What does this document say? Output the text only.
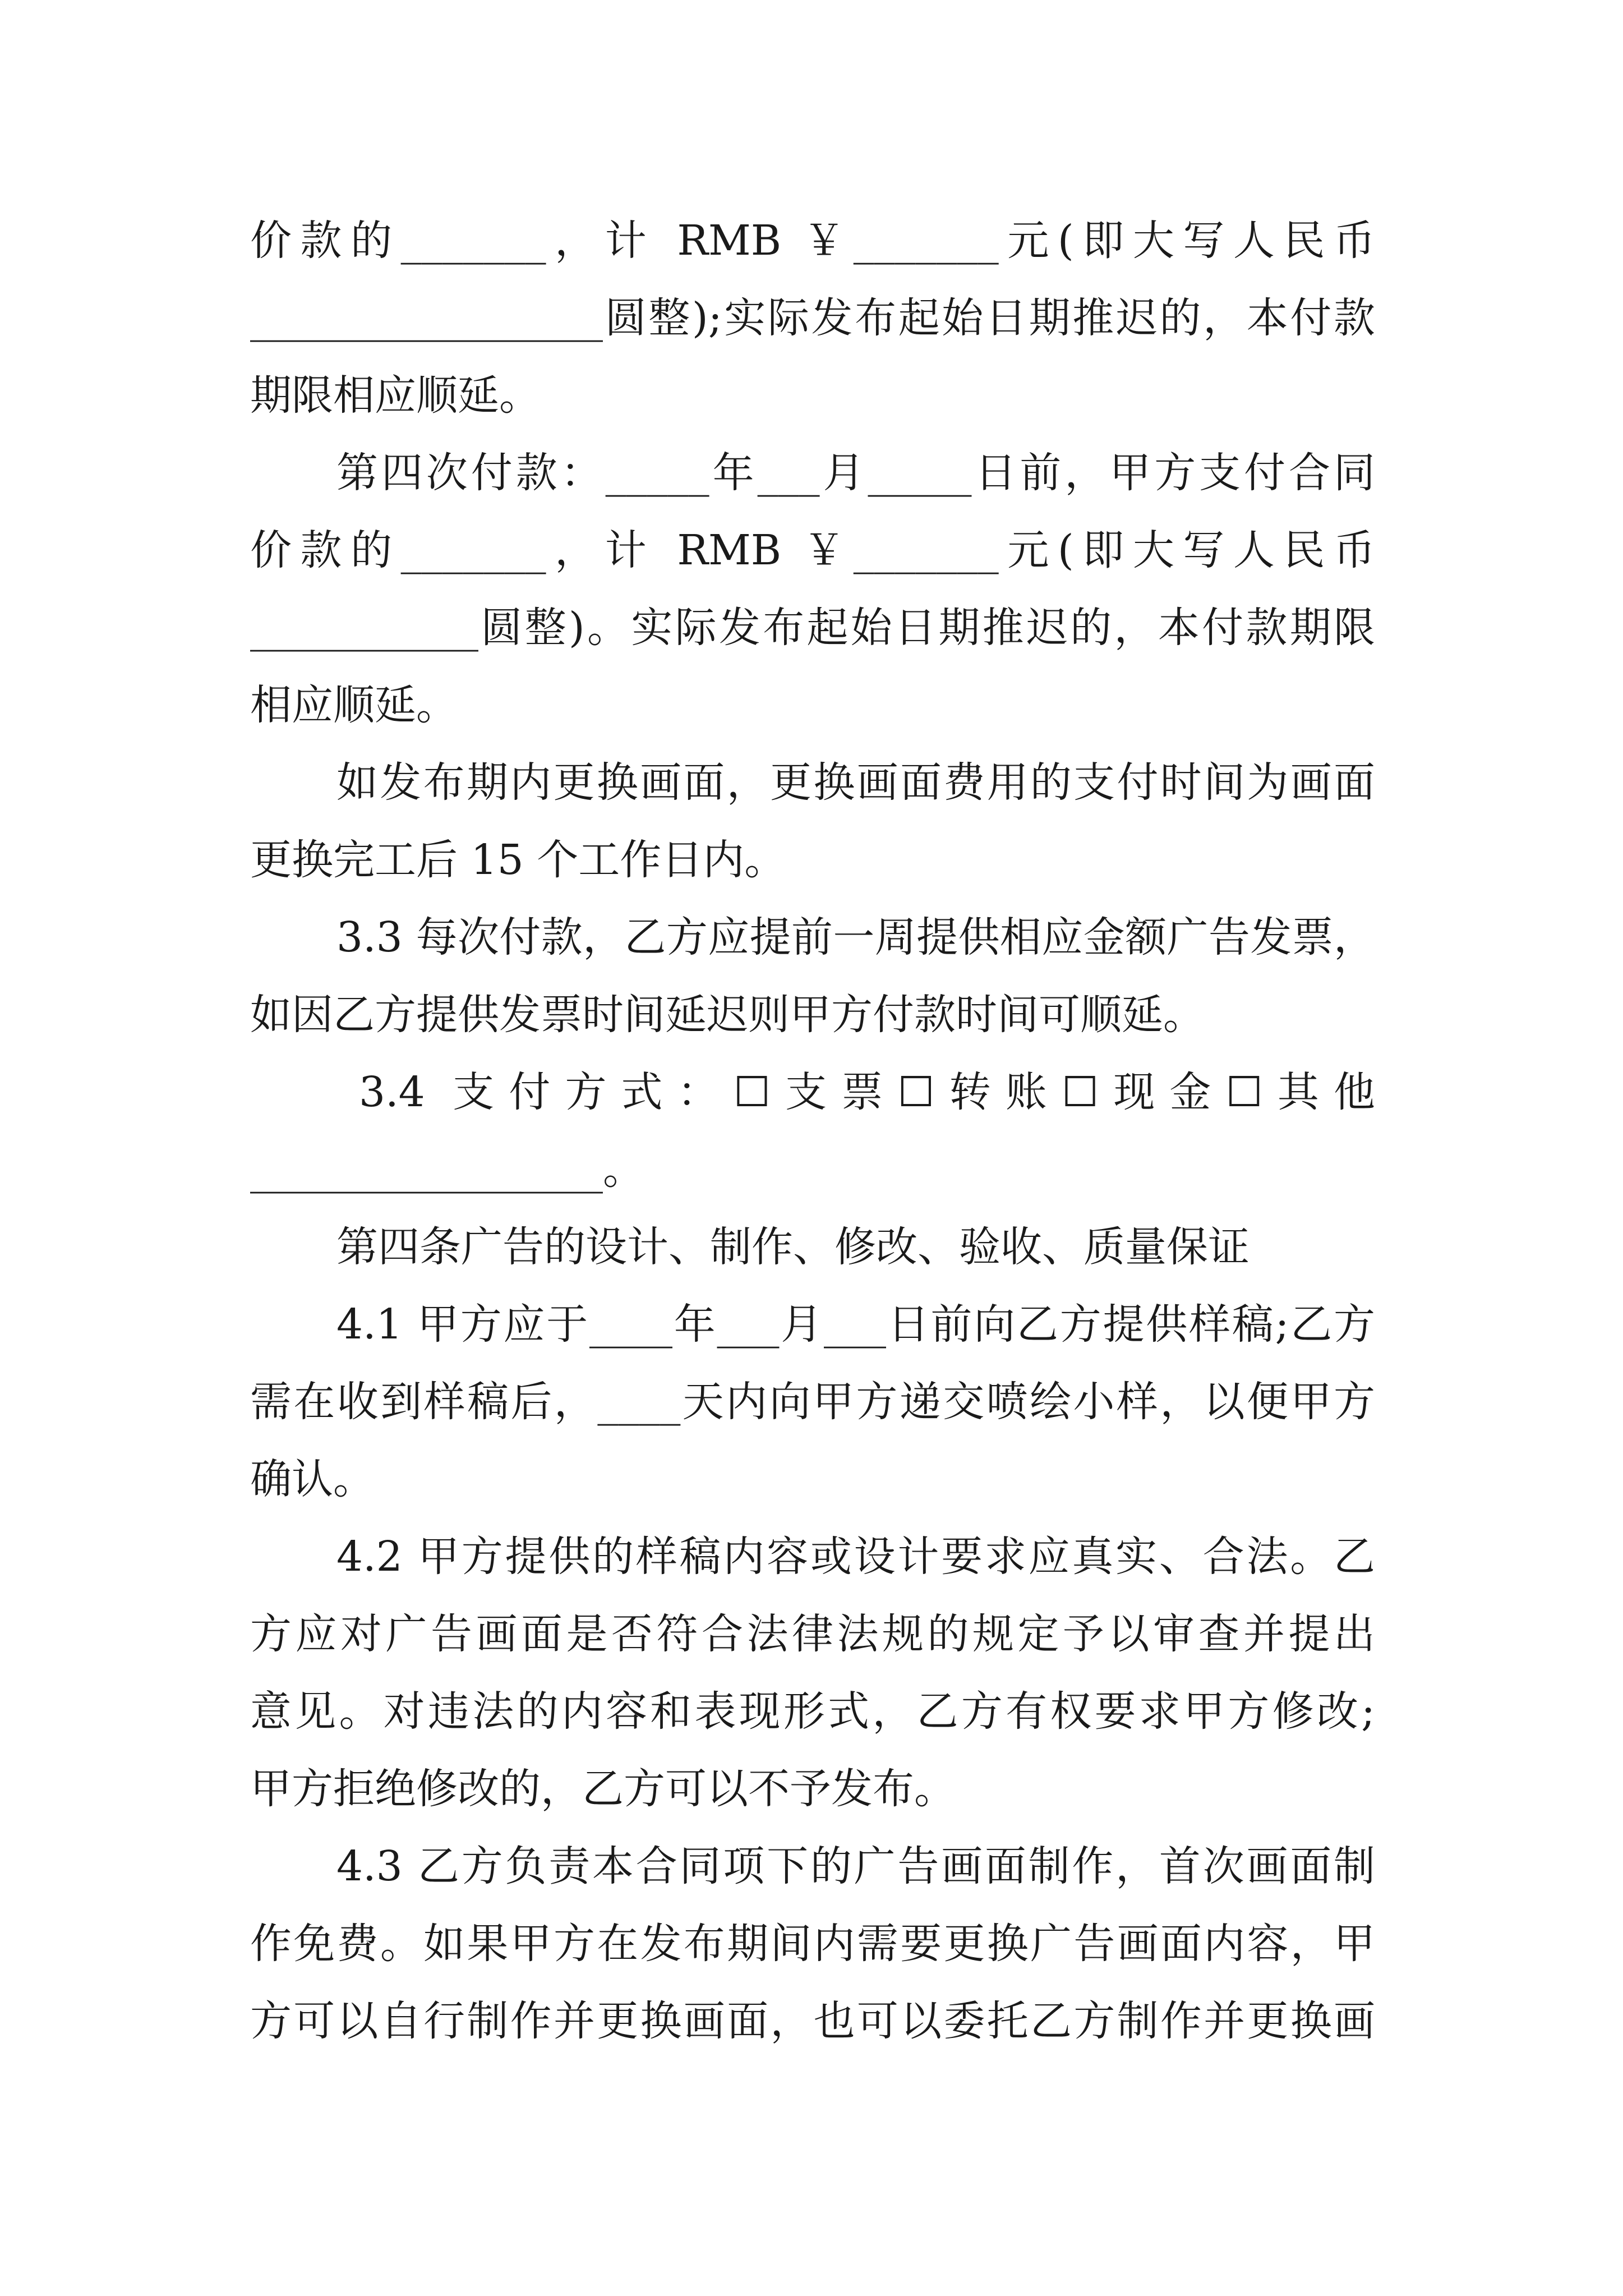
价款的_______，计 RMB ￥_______元(即大写人民币
_________________圆整);实际发布起始日期推迟的，本付款
期限相应顺延。
第四次付款：_____年___月_____日前，甲方支付合同
价款的_______，计 RMB ￥_______元(即大写人民币
___________圆整)。实际发布起始日期推迟的，本付款期限
相应顺延。
如发布期内更换画面，更换画面费用的支付时间为画面
更换完工后 15 个工作日内。
3.3 每次付款，乙方应提前一周提供相应金额广告发票，
如因乙方提供发票时间延迟则甲方付款时间可顺延。
3.4 支付方式：☐支票☐转账☐现金☐其他
_________________。
第四条广告的设计、制作、修改、验收、质量保证
4.1 甲方应于____年___月___日前向乙方提供样稿;乙方
需在收到样稿后，____天内向甲方递交喷绘小样，以便甲方
确认。
4.2 甲方提供的样稿内容或设计要求应真实、合法。乙
方应对广告画面是否符合法律法规的规定予以审查并提出
意见。对违法的内容和表现形式，乙方有权要求甲方修改;
甲方拒绝修改的，乙方可以不予发布。
4.3 乙方负责本合同项下的广告画面制作，首次画面制
作免费。如果甲方在发布期间内需要更换广告画面内容，甲
方可以自行制作并更换画面，也可以委托乙方制作并更换画
